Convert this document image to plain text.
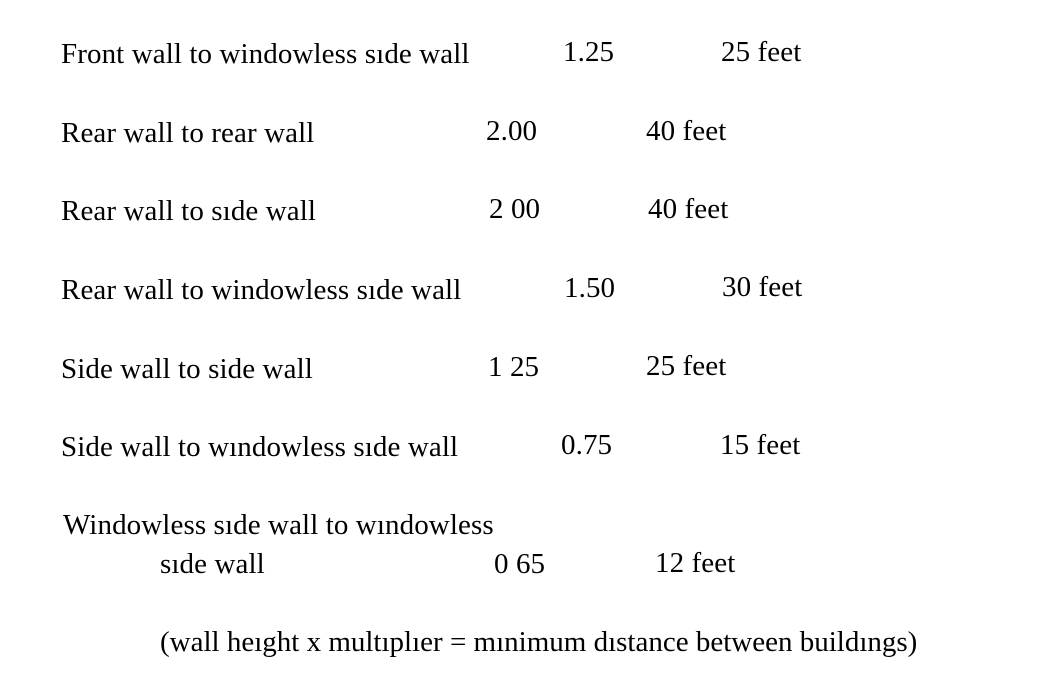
Front wall to windowless sıde wall	1.25	25 feet
Rear wall to rear wall	2.00	40 feet
Rear wall to sıde wall	2 00	40 feet
Rear wall to windowless sıde wall	1.50	30 feet
Side wall to side wall	1 25	25 feet
Side wall to wındowless sıde wall	0.75	15 feet
Windowless sıde wall to wındowless
sıde wall	0 65	12 feet
(wall heıght x multıplıer = mınimum dıstance between buildıngs)
